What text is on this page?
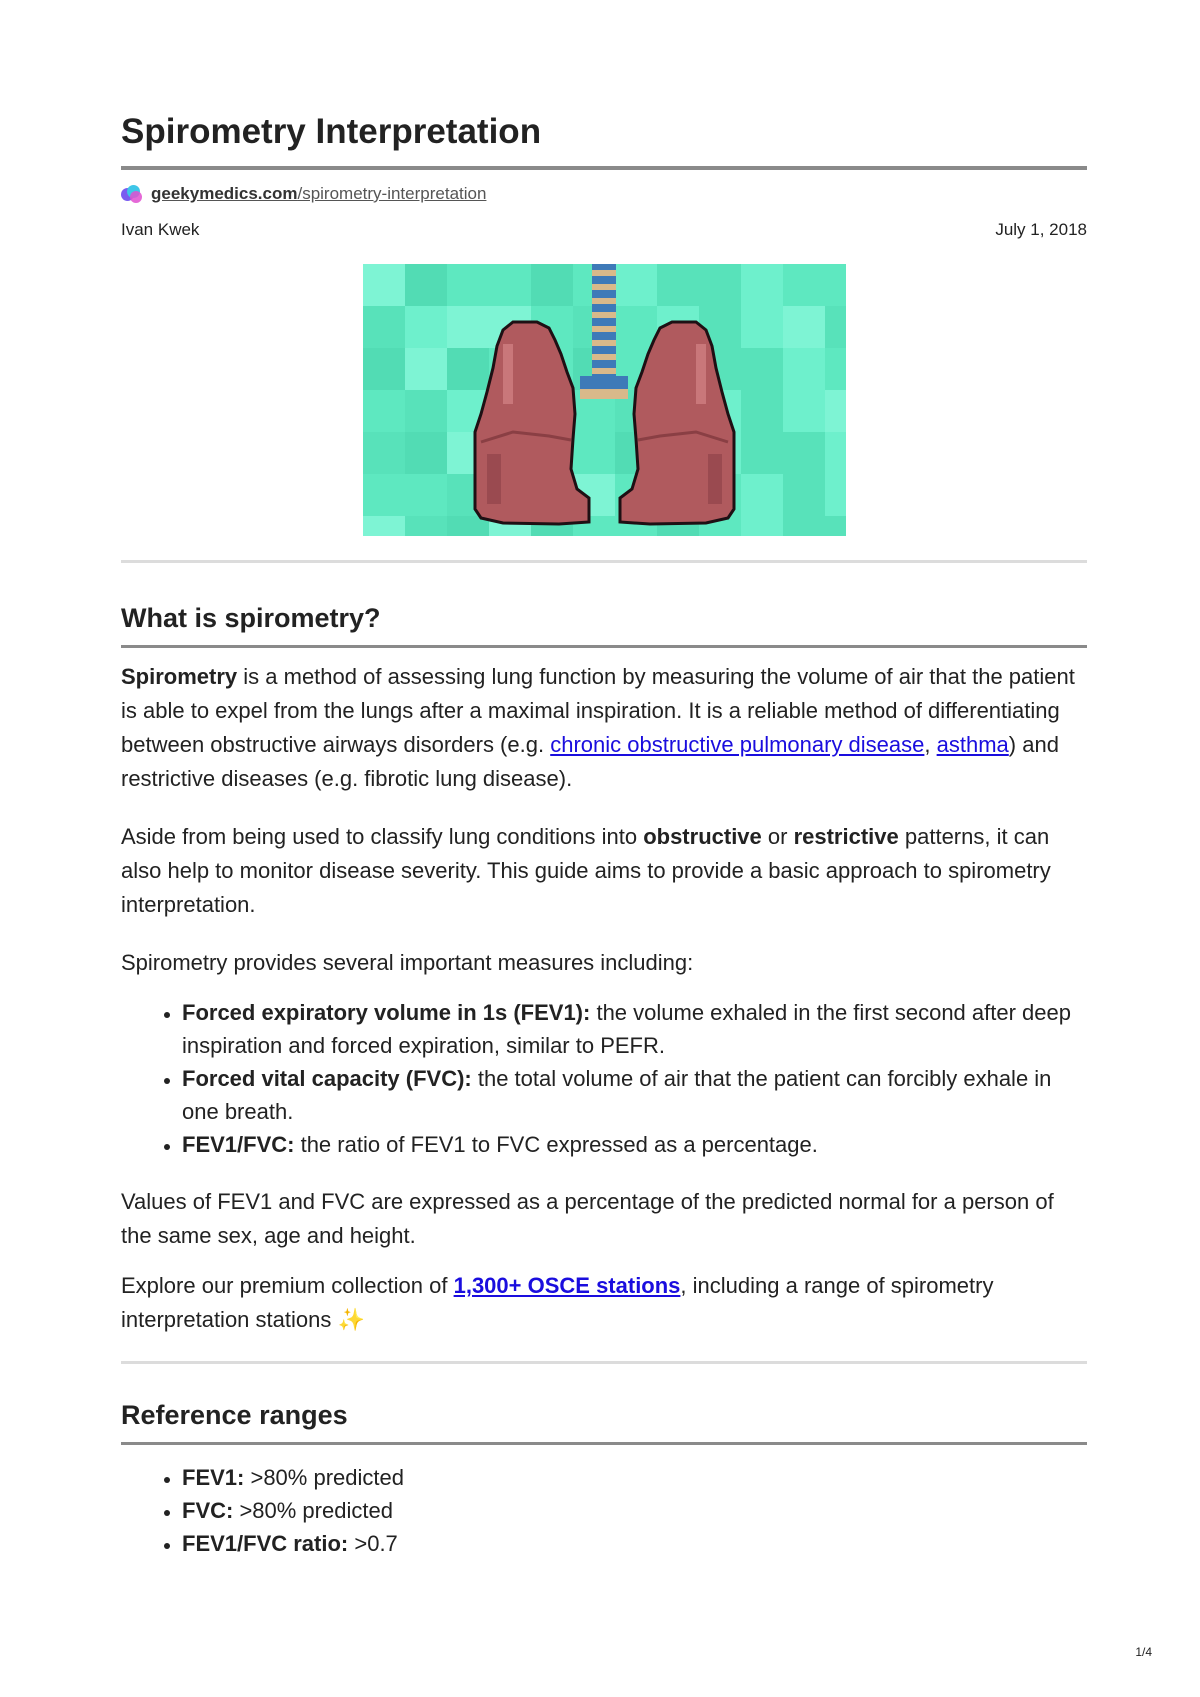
Spirometry Interpretation
geekymedics.com/spirometry-interpretation
Ivan Kwek	July 1, 2018
What is spirometry?

Spirometry is a method of assessing lung function by measuring the volume of air that the patient is able to expel from the lungs after a maximal inspiration. It is a reliable method of differentiating between obstructive airways disorders (e.g. chronic obstructive pulmonary disease, asthma) and restrictive diseases (e.g. fibrotic lung disease).

Aside from being used to classify lung conditions into obstructive or restrictive patterns, it can also help to monitor disease severity. This guide aims to provide a basic approach to spirometry interpretation.

Spirometry provides several important measures including:

• Forced expiratory volume in 1s (FEV1): the volume exhaled in the first second after deep inspiration and forced expiration, similar to PEFR.
• Forced vital capacity (FVC): the total volume of air that the patient can forcibly exhale in one breath.
• FEV1/FVC: the ratio of FEV1 to FVC expressed as a percentage.

Values of FEV1 and FVC are expressed as a percentage of the predicted normal for a person of the same sex, age and height.

Explore our premium collection of 1,300+ OSCE stations, including a range of spirometry interpretation stations ✨

Reference ranges
• FEV1: >80% predicted
• FVC: >80% predicted
• FEV1/FVC ratio: >0.7
1/4
